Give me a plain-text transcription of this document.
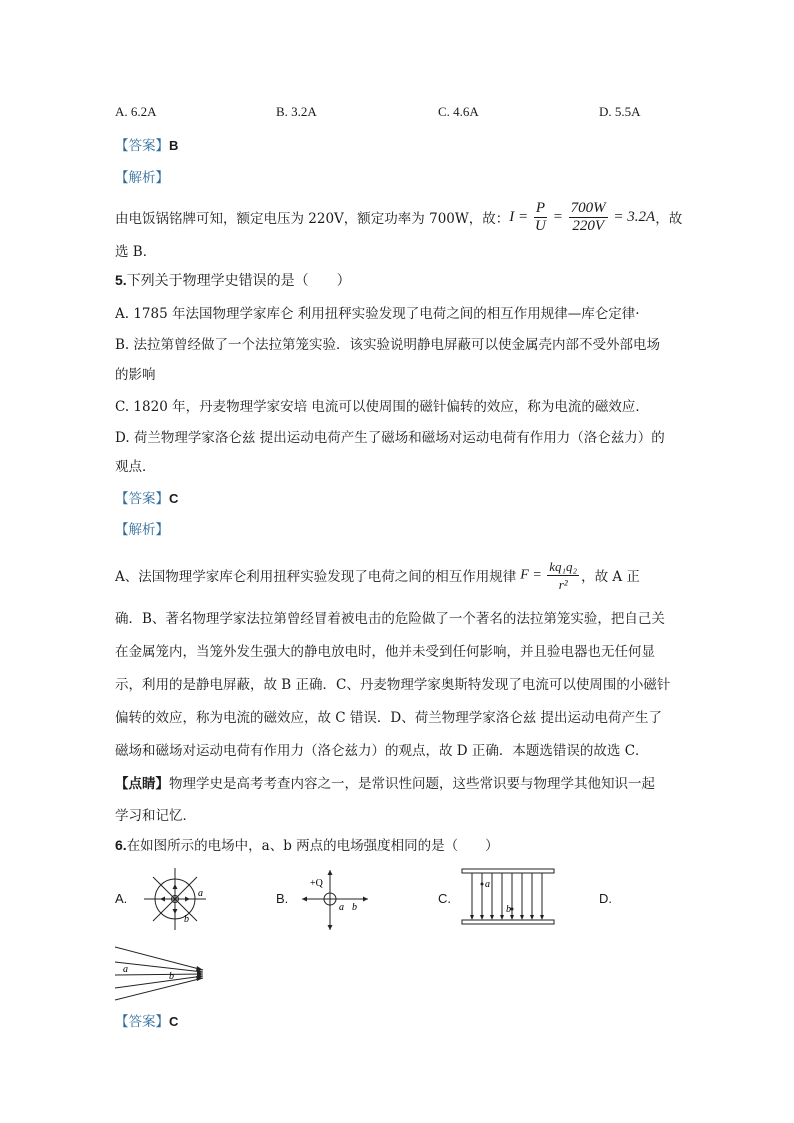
A. 6.2A	B. 3.2A	C. 4.6A	D. 5.5A
【答案】B
【解析】
由电饭锅铭牌可知，额定电压为 220V，额定功率为 700W，故： $I = \frac{P}{U} = \frac{700W}{220V} = 3.2A$ ，故
选 B．
5.下列关于物理学史错误的是（　　）
A. 1785 年法国物理学家库仑 利用扭秤实验发现了电荷之间的相互作用规律—库仑定律·
B. 法拉第曾经做了一个法拉第笼实验．该实验说明静电屏蔽可以使金属壳内部不受外部电场
的影响
C. 1820 年，丹麦物理学家安培 电流可以使周围的磁针偏转的效应，称为电流的磁效应．
D. 荷兰物理学家洛仑兹 提出运动电荷产生了磁场和磁场对运动电荷有作用力（洛仑兹力）的
观点．
【答案】C
【解析】
A、法国物理学家库仑利用扭秤实验发现了电荷之间的相互作用规律 $F = \frac{\text{kq₁q₂}}{\text{r²}}$ ，故 A 正
确．B、著名物理学家法拉第曾经冒着被电击的危险做了一个著名的法拉第笼实验，把自己关
在金属笼内，当笼外发生强大的静电放电时，他并未受到任何影响，并且验电器也无任何显
示，利用的是静电屏蔽，故 B 正确．C、丹麦物理学家奥斯特发现了电流可以使周围的小磁针
偏转的效应，称为电流的磁效应，故 C 错误．D、荷兰物理学家洛仑兹 提出运动电荷产生了
磁场和磁场对运动电荷有作用力（洛仑兹力）的观点，故 D 正确．本题选错误的故选 C．
【点睛】物理学史是高考考查内容之一，是常识性问题，这些常识要与物理学其他知识一起
学习和记忆．
6.在如图所示的电场中，a、b 两点的电场强度相同的是（　　）
A.	B.	C.	D.
a
b
+Q
a b
a
b
a
b
【答案】C
